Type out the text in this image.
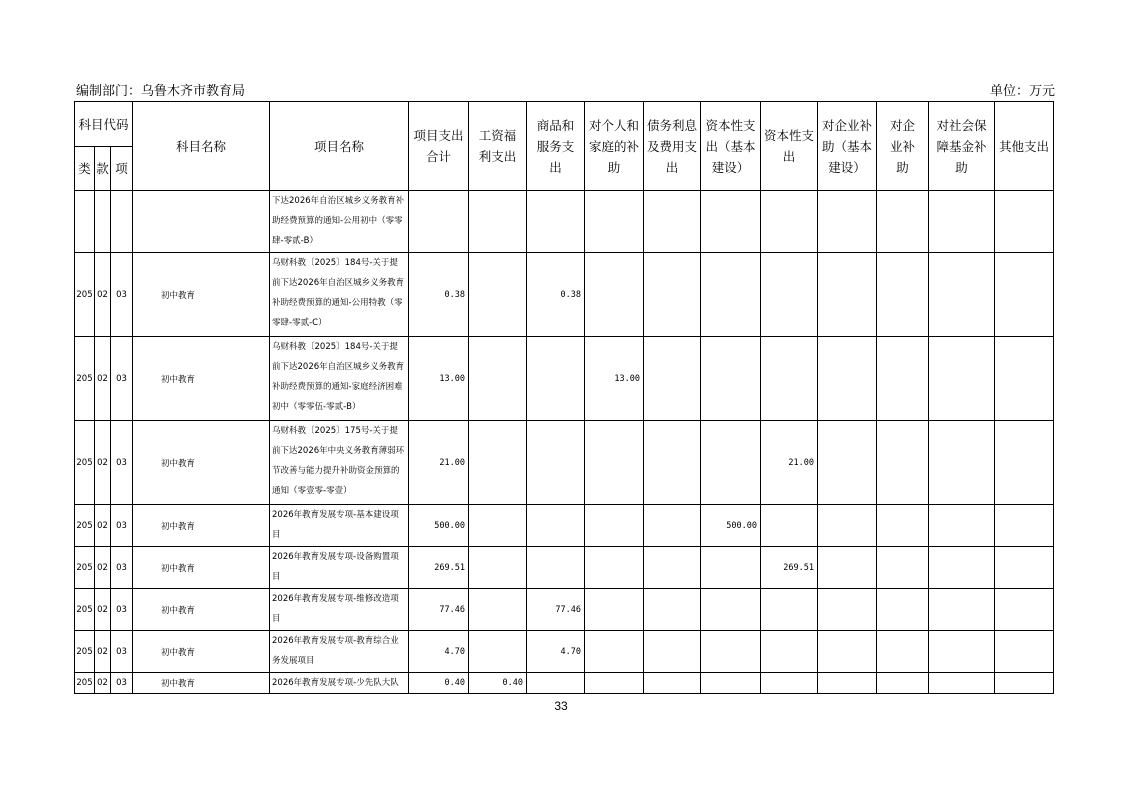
编制部门：乌鲁木齐市教育局	单位：万元
科目代码			科目名称	项目名称	项目支出合计	工资福利支出	商品和服务支出	对个人和家庭的补助	债务利息及费用支出	资本性支出（基本建设）	资本性支出	对企业补助（基本建设）	对企业补助	对社会保障基金补助	其他支出
类	款	项													
				下达2026年自治区城乡义务教育补助经费预算的通知-公用初中（零零肆-零贰-B）											
205	02	03	初中教育	乌财科教〔2025〕184号-关于提前下达2026年自治区城乡义务教育补助经费预算的通知-公用特教（零零肆-零贰-C）	0.38		0.38								
205	02	03	初中教育	乌财科教〔2025〕184号-关于提前下达2026年自治区城乡义务教育补助经费预算的通知-家庭经济困难初中（零零伍-零贰-B）	13.00			13.00							
205	02	03	初中教育	乌财科教〔2025〕175号-关于提前下达2026年中央义务教育薄弱环节改善与能力提升补助资金预算的通知（零壹零-零壹）	21.00						21.00				
205	02	03	初中教育	2026年教育发展专项-基本建设项目	500.00					500.00					
205	02	03	初中教育	2026年教育发展专项-设备购置项目	269.51						269.51				
205	02	03	初中教育	2026年教育发展专项-维修改造项目	77.46		77.46								
205	02	03	初中教育	2026年教育发展专项-教育综合业务发展项目	4.70		4.70								
205	02	03	初中教育	2026年教育发展专项-少先队大队	0.40	0.40									
33
